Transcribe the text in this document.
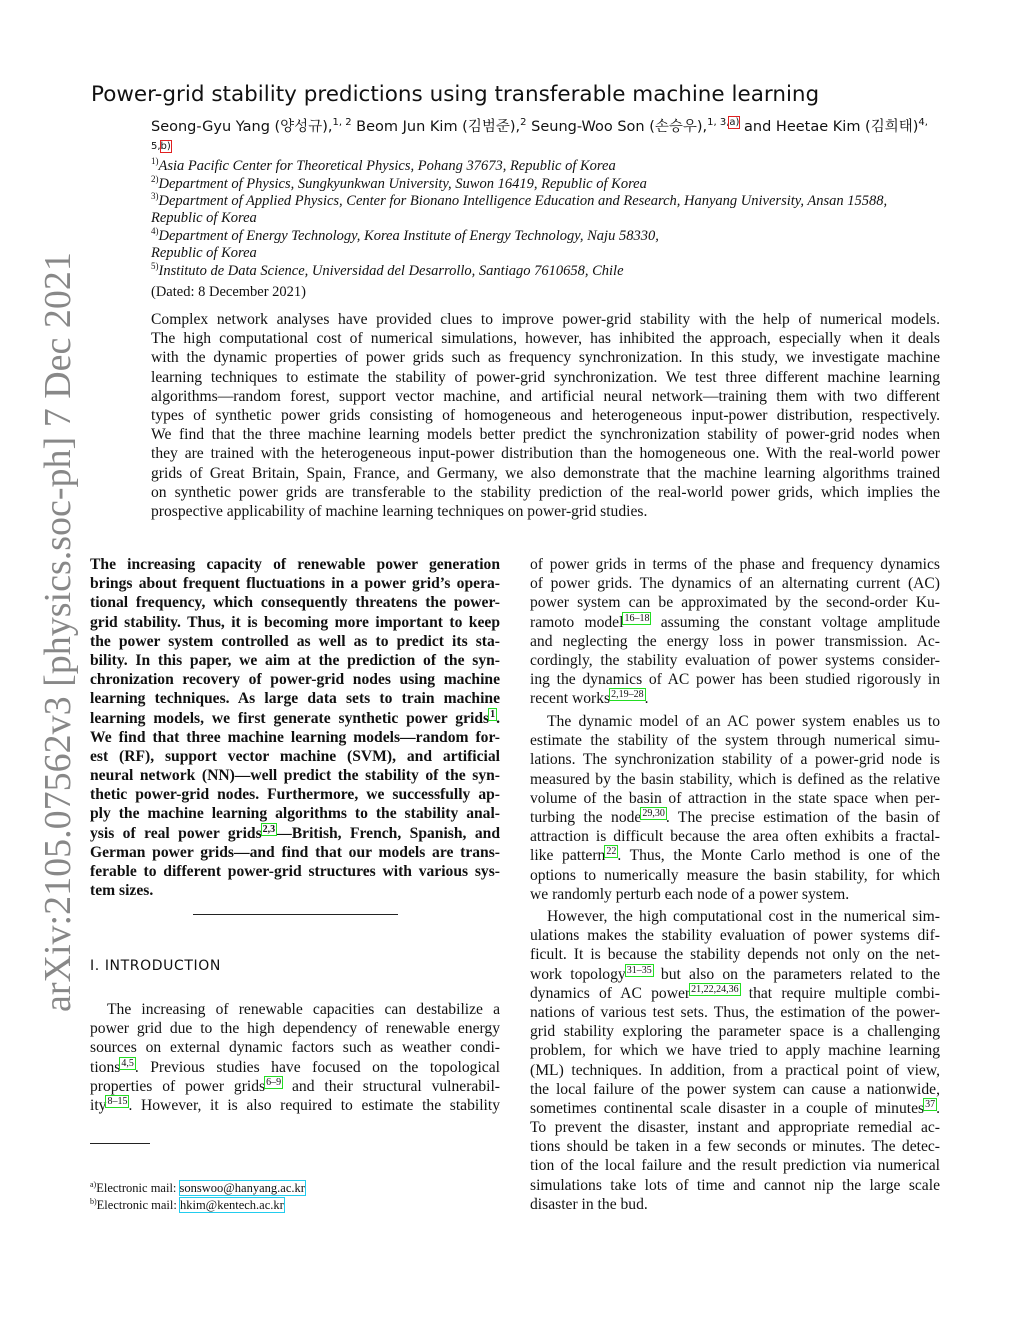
arXiv:2105.07562v3 [physics.soc-ph] 7 Dec 2021
Power-grid stability predictions using transferable machine learning
Seong-Gyu Yang (양성규),$^{1, 2}$ Beom Jun Kim (김범준),$^2$ Seung-Woo Son (손승우),$^{1, 3,a)}$ and Heetae Kim (김희태)$^{4, 5,b)}$
$^{1)}$Asia Pacific Center for Theoretical Physics, Pohang 37673, Republic of Korea
$^{2)}$Department of Physics, Sungkyunkwan University, Suwon 16419, Republic of Korea
$^{3)}$Department of Applied Physics, Center for Bionano Intelligence Education and Research, Hanyang University, Ansan 15588, Republic of Korea
$^{4)}$Department of Energy Technology, Korea Institute of Energy Technology, Naju 58330, Republic of Korea
$^{5)}$Instituto de Data Science, Universidad del Desarrollo, Santiago 7610658, Chile
(Dated: 8 December 2021)
Complex network analyses have provided clues to improve power-grid stability with the help of numerical models.
The high computational cost of numerical simulations, however, has inhibited the approach, especially when it deals
with the dynamic properties of power grids such as frequency synchronization. In this study, we investigate machine
learning techniques to estimate the stability of power-grid synchronization. We test three different machine learning
algorithms—random forest, support vector machine, and artificial neural network—training them with two different
types of synthetic power grids consisting of homogeneous and heterogeneous input-power distribution, respectively.
We find that the three machine learning models better predict the synchronization stability of power-grid nodes when
they are trained with the heterogeneous input-power distribution than the homogeneous one. With the real-world power
grids of Great Britain, Spain, France, and Germany, we also demonstrate that the machine learning algorithms trained
on synthetic power grids are transferable to the stability prediction of the real-world power grids, which implies the
prospective applicability of machine learning techniques on power-grid studies.
The increasing capacity of renewable power generation
brings about frequent fluctuations in a power grid’s opera-
tional frequency, which consequently threatens the power-
grid stability. Thus, it is becoming more important to keep
the power system controlled as well as to predict its sta-
bility. In this paper, we aim at the prediction of the syn-
chronization recovery of power-grid nodes using machine
learning techniques. As large data sets to train machine
learning models, we first generate synthetic power grids$^1$.
We find that three machine learning models—random for-
est (RF), support vector machine (SVM), and artificial
neural network (NN)—well predict the stability of the syn-
thetic power-grid nodes. Furthermore, we successfully ap-
ply the machine learning algorithms to the stability anal-
ysis of real power grids$^{2,3}$—British, French, Spanish, and
German power grids—and find that our models are trans-
ferable to different power-grid structures with various sys-
tem sizes.
I. INTRODUCTION
The increasing of renewable capacities can destabilize a
power grid due to the high dependency of renewable energy
sources on external dynamic factors such as weather condi-
tions$^{4,5}$. Previous studies have focused on the topological
properties of power grids$^{6-9}$ and their structural vulnerabil-
ity$^{8-15}$. However, it is also required to estimate the stability
$^{a)}$Electronic mail: sonswoo@hanyang.ac.kr
$^{b)}$Electronic mail: hkim@kentech.ac.kr
of power grids in terms of the phase and frequency dynamics
of power grids. The dynamics of an alternating current (AC)
power system can be approximated by the second-order Ku-
ramoto model$^{16-18}$ assuming the constant voltage amplitude
and neglecting the energy loss in power transmission. Ac-
cordingly, the stability evaluation of power systems consider-
ing the dynamics of AC power has been studied rigorously in
recent works$^{2,19-28}$.
The dynamic model of an AC power system enables us to
estimate the stability of the system through numerical simu-
lations. The synchronization stability of a power-grid node is
measured by the basin stability, which is defined as the relative
volume of the basin of attraction in the state space when per-
turbing the node$^{29,30}$. The precise estimation of the basin of
attraction is difficult because the area often exhibits a fractal-
like pattern$^{22}$. Thus, the Monte Carlo method is one of the
options to numerically measure the basin stability, for which
we randomly perturb each node of a power system.
However, the high computational cost in the numerical sim-
ulations makes the stability evaluation of power systems dif-
ficult. It is because the stability depends not only on the net-
work topology$^{31-35}$ but also on the parameters related to the
dynamics of AC power$^{21,22,24,36}$ that require multiple combi-
nations of various test sets. Thus, the estimation of the power-
grid stability exploring the parameter space is a challenging
problem, for which we have tried to apply machine learning
(ML) techniques. In addition, from a practical point of view,
the local failure of the power system can cause a nationwide,
sometimes continental scale disaster in a couple of minutes$^{37}$.
To prevent the disaster, instant and appropriate remedial ac-
tions should be taken in a few seconds or minutes. The detec-
tion of the local failure and the result prediction via numerical
simulations take lots of time and cannot nip the large scale
disaster in the bud.
